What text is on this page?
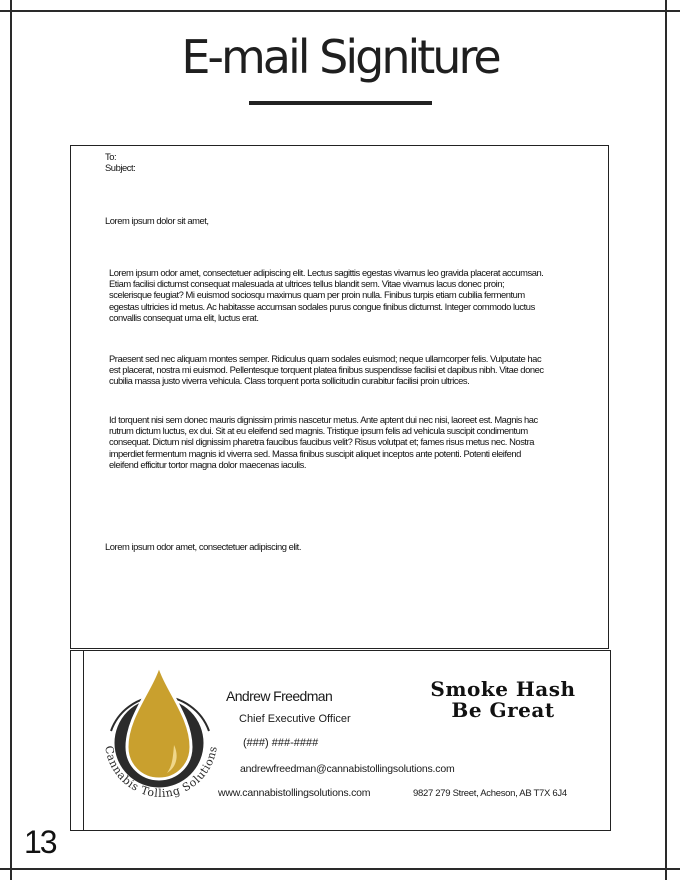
E-mail Signiture
To:
Subject:
Lorem ipsum dolor sit amet,

Lorem ipsum odor amet, consectetuer adipiscing elit. Lectus sagittis egestas vivamus leo gravida placerat accumsan. Etiam facilisi dictumst consequat malesuada at ultrices tellus blandit sem. Vitae vivamus lacus donec proin; scelerisque feugiat? Mi euismod sociosqu maximus quam per proin nulla. Finibus turpis etiam cubilia fermentum egestas ultricies id metus. Ac habitasse accumsan sodales purus congue finibus dictumst. Integer commodo luctus convallis consequat urna elit, luctus erat.

Praesent sed nec aliquam montes semper. Ridiculus quam sodales euismod; neque ullamcorper felis. Vulputate hac est placerat, nostra mi euismod. Pellentesque torquent platea finibus suspendisse facilisi et dapibus nibh. Vitae donec cubilia massa justo viverra vehicula. Class torquent porta sollicitudin curabitur facilisi proin ultrices.

Id torquent nisi sem donec mauris dignissim primis nascetur metus. Ante aptent dui nec nisi, laoreet est. Magnis hac rutrum dictum luctus, ex dui. Sit at eu eleifend sed magnis. Tristique ipsum felis ad vehicula suscipit condimentum consequat. Dictum nisl dignissim pharetra faucibus faucibus velit? Risus volutpat et; fames risus metus nec. Nostra imperdiet fermentum magnis id viverra sed. Massa finibus suscipit aliquet inceptos ante potenti. Potenti eleifend eleifend efficitur tortor magna dolor maecenas iaculis.

Lorem ipsum odor amet, consectetuer adipiscing elit.
Cannabis Tolling Solutions
Andrew Freedman
Chief Executive Officer
(###) ###-####
andrewfreedman@cannabistollingsolutions.com
www.cannabistollingsolutions.com	9827 279 Street, Acheson, AB T7X 6J4
Smoke Hash
Be Great
13
